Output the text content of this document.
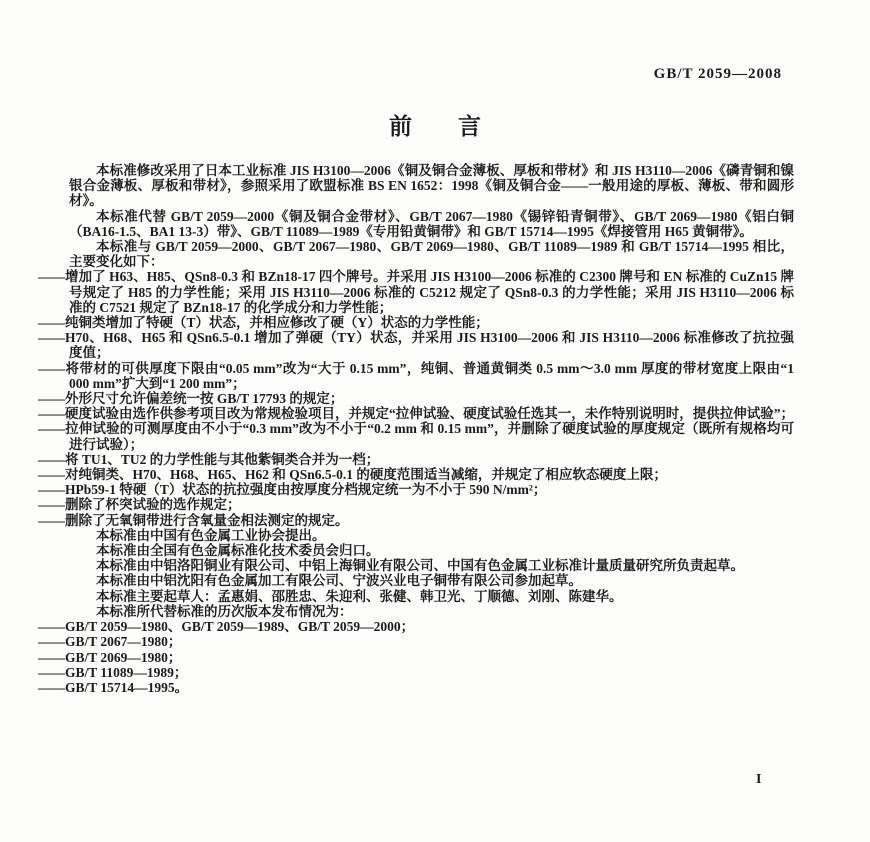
GB/T 2059—2008
前　　言

本标准修改采用了日本工业标准 JIS H3100—2006《铜及铜合金薄板、厚板和带材》和 JIS H3110—2006《磷青铜和镍银合金薄板、厚板和带材》，参照采用了欧盟标准 BS EN 1652：1998《铜及铜合金——一般用途的厚板、薄板、带和圆形材》。

本标准代替 GB/T 2059—2000《铜及铜合金带材》、GB/T 2067—1980《锡锌铅青铜带》、GB/T 2069—1980《铝白铜（BA16-1.5、BA1 13-3）带》、GB/T 11089—1989《专用铅黄铜带》和 GB/T 15714—1995《焊接管用 H65 黄铜带》。

本标准与 GB/T 2059—2000、GB/T 2067—1980、GB/T 2069—1980、GB/T 11089—1989 和 GB/T 15714—1995 相比，主要变化如下：

——增加了 H63、H85、QSn8-0.3 和 BZn18-17 四个牌号。并采用 JIS H3100—2006 标准的 C2300 牌号和 EN 标准的 CuZn15 牌号规定了 H85 的力学性能；采用 JIS H3110—2006 标准的 C5212 规定了 QSn8-0.3 的力学性能；采用 JIS H3110—2006 标准的 C7521 规定了 BZn18-17 的化学成分和力学性能；

——纯铜类增加了特硬（T）状态，并相应修改了硬（Y）状态的力学性能；

——H70、H68、H65 和 QSn6.5-0.1 增加了弹硬（TY）状态，并采用 JIS H3100—2006 和 JIS H3110—2006 标准修改了抗拉强度值；

——将带材的可供厚度下限由“0.05 mm”改为“大于 0.15 mm”，纯铜、普通黄铜类 0.5 mm～3.0 mm 厚度的带材宽度上限由“1 000 mm”扩大到“1 200 mm”；

——外形尺寸允许偏差统一按 GB/T 17793 的规定；

——硬度试验由选作供参考项目改为常规检验项目，并规定“拉伸试验、硬度试验任选其一，未作特别说明时，提供拉伸试验”；

——拉伸试验的可测厚度由不小于“0.3 mm”改为不小于“0.2 mm 和 0.15 mm”，并删除了硬度试验的厚度规定（既所有规格均可进行试验）；

——将 TU1、TU2 的力学性能与其他紫铜类合并为一档；

——对纯铜类、H70、H68、H65、H62 和 QSn6.5-0.1 的硬度范围适当减缩，并规定了相应软态硬度上限；

——HPb59-1 特硬（T）状态的抗拉强度由按厚度分档规定统一为不小于 590 N/mm²；

——删除了杯突试验的选作规定；

——删除了无氧铜带进行含氧量金相法测定的规定。

本标准由中国有色金属工业协会提出。

本标准由全国有色金属标准化技术委员会归口。

本标准由中铝洛阳铜业有限公司、中铝上海铜业有限公司、中国有色金属工业标准计量质量研究所负责起草。

本标准由中铝沈阳有色金属加工有限公司、宁波兴业电子铜带有限公司参加起草。

本标准主要起草人：孟惠娟、邵胜忠、朱迎利、张健、韩卫光、丁顺德、刘刚、陈建华。

本标准所代替标准的历次版本发布情况为：

——GB/T 2059—1980、GB/T 2059—1989、GB/T 2059—2000；

——GB/T 2067—1980；

——GB/T 2069—1980；

——GB/T 11089—1989；

——GB/T 15714—1995。

I
